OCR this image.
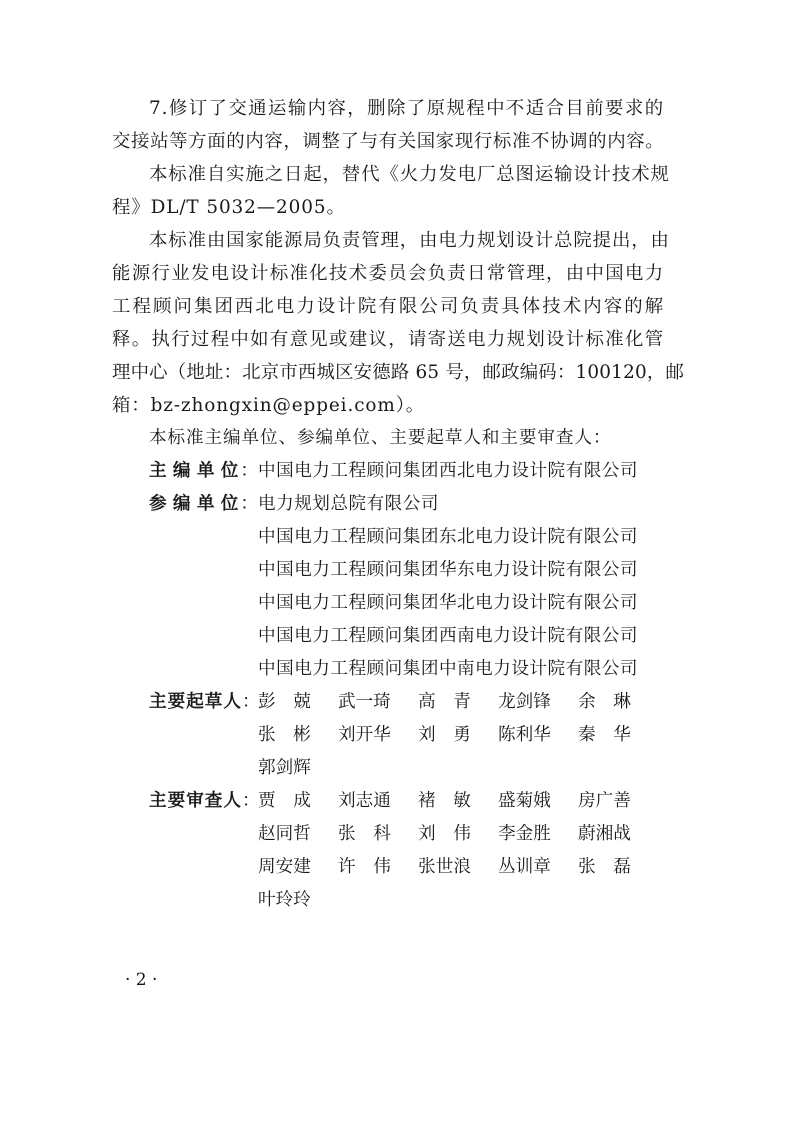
7.修订了交通运输内容，删除了原规程中不适合目前要求的
交接站等方面的内容，调整了与有关国家现行标准不协调的内容。
本标准自实施之日起，替代《火力发电厂总图运输设计技术规
程》DL/T 5032—2005。
本标准由国家能源局负责管理，由电力规划设计总院提出，由
能源行业发电设计标准化技术委员会负责日常管理，由中国电力
工程顾问集团西北电力设计院有限公司负责具体技术内容的解
释。执行过程中如有意见或建议，请寄送电力规划设计标准化管
理中心（地址：北京市西城区安德路 65 号，邮政编码：100120，邮
箱：bz-zhongxin@eppei.com）。
本标准主编单位、参编单位、主要起草人和主要审查人：
主 编 单 位 ： 中国电力工程顾问集团西北电力设计院有限公司
参 编 单 位 ： 电力规划总院有限公司
中国电力工程顾问集团东北电力设计院有限公司
中国电力工程顾问集团华东电力设计院有限公司
中国电力工程顾问集团华北电力设计院有限公司
中国电力工程顾问集团西南电力设计院有限公司
中国电力工程顾问集团中南电力设计院有限公司
主要起草人 ：
彭　兢	武一琦	高　青	龙剑锋	余　琳
张　彬	刘开华	刘　勇	陈利华	秦　华
郭剑辉
主要审查人 ：
贾　成	刘志通	褚　敏	盛菊娥	房广善
赵同哲	张　科	刘　伟	李金胜	蔚湘战
周安建	许　伟	张世浪	丛训章	张　磊
叶玲玲
· 2 ·
